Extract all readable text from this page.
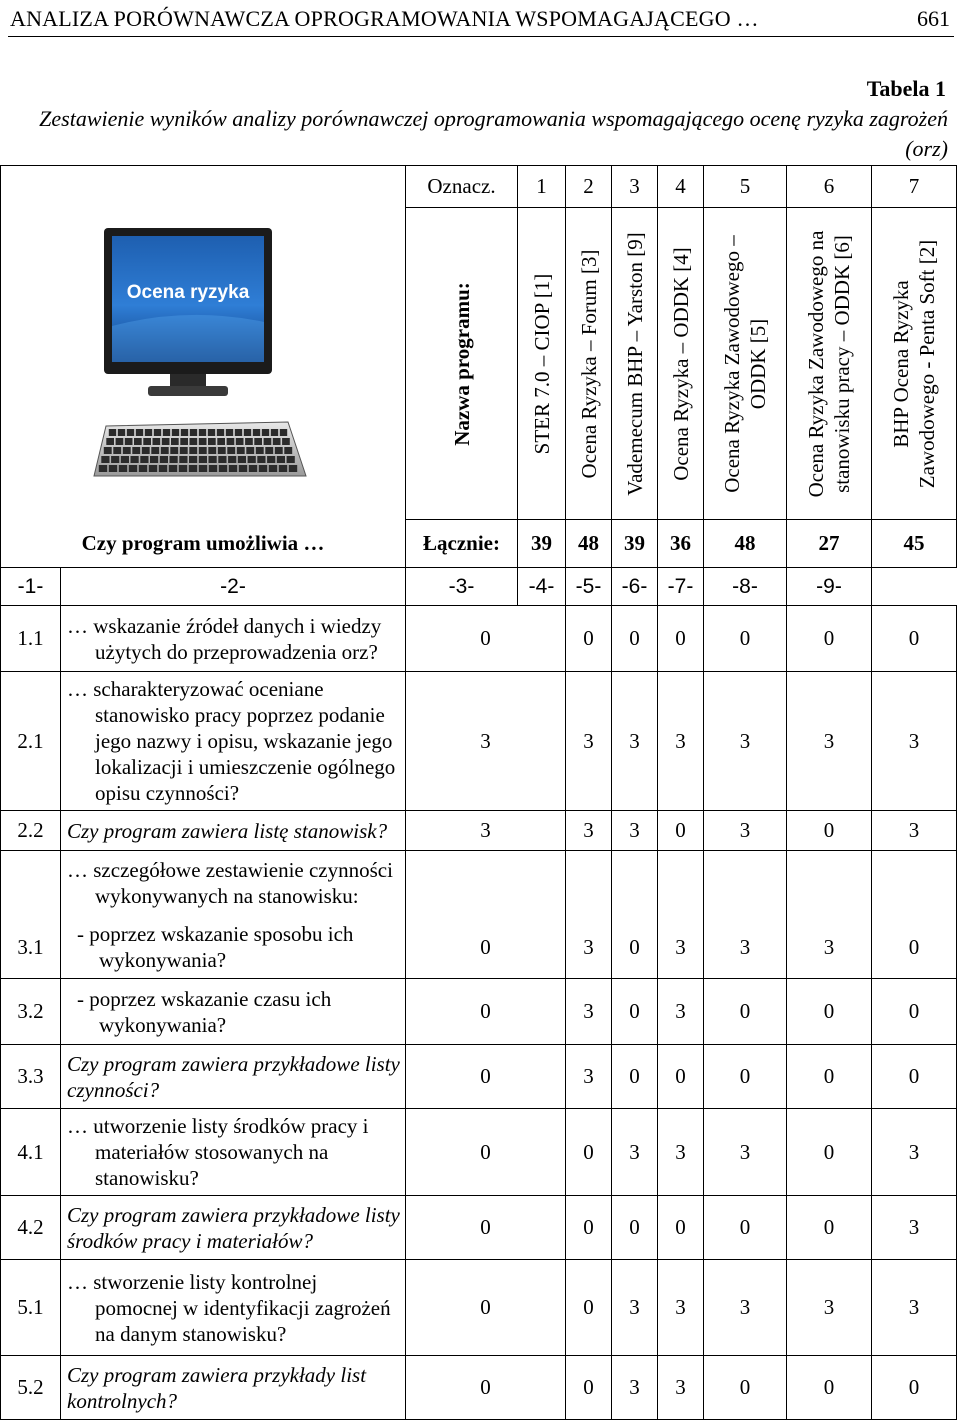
ANALIZA PORÓWNAWCZA OPROGRAMOWANIA WSPOMAGAJĄCEGO …	661
Tabela 1
Zestawienie wyników analizy porównawczej oprogramowania wspomagającego ocenę ryzyka zagrożeń (orz)
		Oznacz.	1	2	3	4	5	6	7

		Nazwa programu:	STER 7.0 – CIOP [1]	Ocena Ryzyka – Forum [3]	Vademecum BHP – Yarston [9]	Ocena Ryzyka – ODDK [4]	Ocena Ryzyka Zawodowego – ODDK [5]	Ocena Ryzyka Zawodowego na stanowisku pracy – ODDK [6]	BHP Ocena Ryzyka Zawodowego - Penta Soft [2]

Czy program umożliwia …		Łącznie:	39	48	39	36	48	27	45
-1-	-2-	-3-	-4-	-5-	-6-	-7-	-8-	-9-	
1.1	… wskazanie źródeł danych i wiedzy użytych do przeprowadzenia orz?	0		0	0	0	0	0	0
2.1	… scharakteryzować oceniane stanowisko pracy poprzez podanie jego nazwy i opisu, wskazanie jego lokalizacji i umieszczenie ogólnego opisu czynności?	3		3	3	3	3	3	3
2.2	Czy program zawiera listę stanowisk?	3		3	3	0	3	0	3
3.1	… szczegółowe zestawienie czynności wykonywanych na stanowisku:
- poprzez wskazanie sposobu ich wykonywania?	0		3	0	3	3	3	0
3.2	- poprzez wskazanie czasu ich wykonywania?	0		3	0	3	0	0	0
3.3	Czy program zawiera przykładowe listy czynności?	0		3	0	0	0	0	0
4.1	… utworzenie listy środków pracy i materiałów stosowanych na stanowisku?	0		0	3	3	3	0	3
4.2	Czy program zawiera przykładowe listy środków pracy i materiałów?	0		0	0	0	0	0	3
5.1	… stworzenie listy kontrolnej pomocnej w identyfikacji zagrożeń na danym stanowisku?	0		0	3	3	3	3	3
5.2	Czy program zawiera przykłady list kontrolnych?	0		0	3	3	0	0	0
Ocena ryzyka
